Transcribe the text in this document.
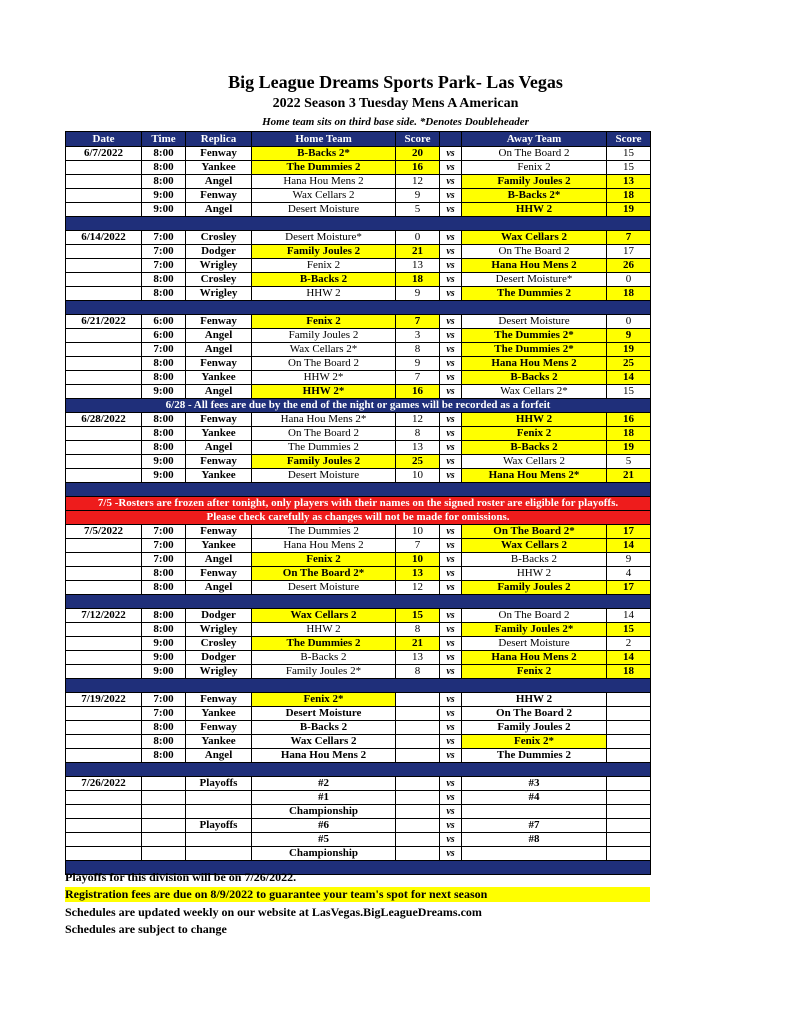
Big League Dreams Sports Park- Las Vegas
2022 Season 3 Tuesday Mens A American
Home team sits on third base side. *Denotes Doubleheader
Date	Time	Replica	Home Team	Score		Away Team	Score
6/7/2022	8:00	Fenway	B-Backs 2*	20	vs	On The Board 2	15
	8:00	Yankee	The Dummies 2	16	vs	Fenix 2	15
	8:00	Angel	Hana Hou Mens 2	12	vs	Family Joules 2	13
	9:00	Fenway	Wax Cellars 2	9	vs	B-Backs 2*	18
	9:00	Angel	Desert Moisture	5	vs	HHW 2	19

6/14/2022	7:00	Crosley	Desert Moisture*	0	vs	Wax Cellars 2	7
	7:00	Dodger	Family Joules 2	21	vs	On The Board 2	17
	7:00	Wrigley	Fenix 2	13	vs	Hana Hou Mens 2	26
	8:00	Crosley	B-Backs 2	18	vs	Desert Moisture*	0
	8:00	Wrigley	HHW 2	9	vs	The Dummies 2	18

6/21/2022	6:00	Fenway	Fenix 2	7	vs	Desert Moisture	0
	6:00	Angel	Family Joules 2	3	vs	The Dummies 2*	9
	7:00	Angel	Wax Cellars 2*	8	vs	The Dummies 2*	19
	8:00	Fenway	On The Board 2	9	vs	Hana Hou Mens 2	25
	8:00	Yankee	HHW 2*	7	vs	B-Backs 2	14
	9:00	Angel	HHW 2*	16	vs	Wax Cellars 2*	15
6/28 - All fees are due by the end of the night or games will be recorded as a forfeit							
6/28/2022	8:00	Fenway	Hana Hou Mens 2*	12	vs	HHW 2	16
	8:00	Yankee	On The Board 2	8	vs	Fenix 2	18
	8:00	Angel	The Dummies 2	13	vs	B-Backs 2	19
	9:00	Fenway	Family Joules 2	25	vs	Wax Cellars 2	5
	9:00	Yankee	Desert Moisture	10	vs	Hana Hou Mens 2*	21

7/5 -Rosters are frozen after tonight, only players with their names on the signed roster are eligible for playoffs.							
Please check carefully as changes will not be made for omissions.							
7/5/2022	7:00	Fenway	The Dummies 2	10	vs	On The Board 2*	17
	7:00	Yankee	Hana Hou Mens 2	7	vs	Wax Cellars 2	14
	7:00	Angel	Fenix 2	10	vs	B-Backs 2	9
	8:00	Fenway	On The Board 2*	13	vs	HHW 2	4
	8:00	Angel	Desert Moisture	12	vs	Family Joules 2	17

7/12/2022	8:00	Dodger	Wax Cellars 2	15	vs	On The Board 2	14
	8:00	Wrigley	HHW 2	8	vs	Family Joules 2*	15
	9:00	Crosley	The Dummies 2	21	vs	Desert Moisture	2
	9:00	Dodger	B-Backs 2	13	vs	Hana Hou Mens 2	14
	9:00	Wrigley	Family Joules 2*	8	vs	Fenix 2	18

7/19/2022	7:00	Fenway	Fenix 2*		vs	HHW 2	
	7:00	Yankee	Desert Moisture		vs	On The Board 2	
	8:00	Fenway	B-Backs 2		vs	Family Joules 2	
	8:00	Yankee	Wax Cellars 2		vs	Fenix 2*	
	8:00	Angel	Hana Hou Mens 2		vs	The Dummies 2	

7/26/2022		Playoffs	#2		vs	#3	
			#1		vs	#4	
			Championship		vs		
		Playoffs	#6		vs	#7	
			#5		vs	#8	
			Championship		vs		

Playoffs for this division will be on 7/26/2022.
Registration fees are due on 8/9/2022 to guarantee your team's spot for next season
Schedules are updated weekly on our website at LasVegas.BigLeagueDreams.com
Schedules are subject to change
